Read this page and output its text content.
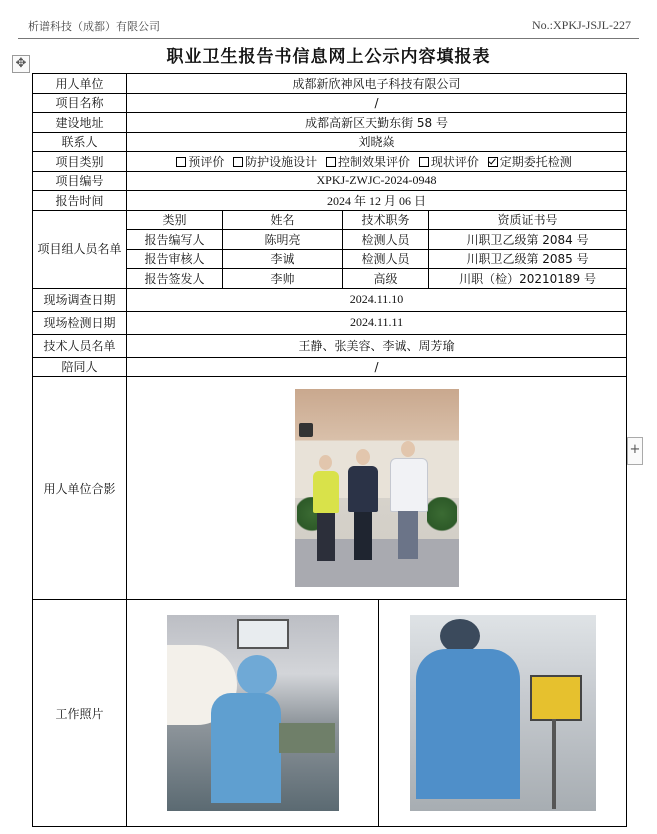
析谱科技（成都）有限公司	No.:XPKJ-JSJL-227
✥
+
职业卫生报告书信息网上公示内容填报表
用人单位	成都新欣神风电子科技有限公司				
项目名称	/				
建设地址	成都高新区天勤东街 58 号				
联系人	刘晓焱				
项目类别	预评价 防护设施设计 控制效果评价 现状评价 定期委托检测				
项目编号	XPKJ-ZWJC-2024-0948				
报告时间	2024 年 12 月 06 日				
项目组人员名单	类别	姓名	技术职务		资质证书号
	报告编写人	陈明亮	检测人员		川职卫乙级第 2084 号
	报告审核人	李诚	检测人员		川职卫乙级第 2085 号
	报告签发人	李帅	高级		川职（检）20210189 号
现场调查日期	2024.11.10				
现场检测日期	2024.11.11				
技术人员名单	王静、张美容、李诚、周芳瑜				
陪同人	/				
用人单位合影					

工作照片				
